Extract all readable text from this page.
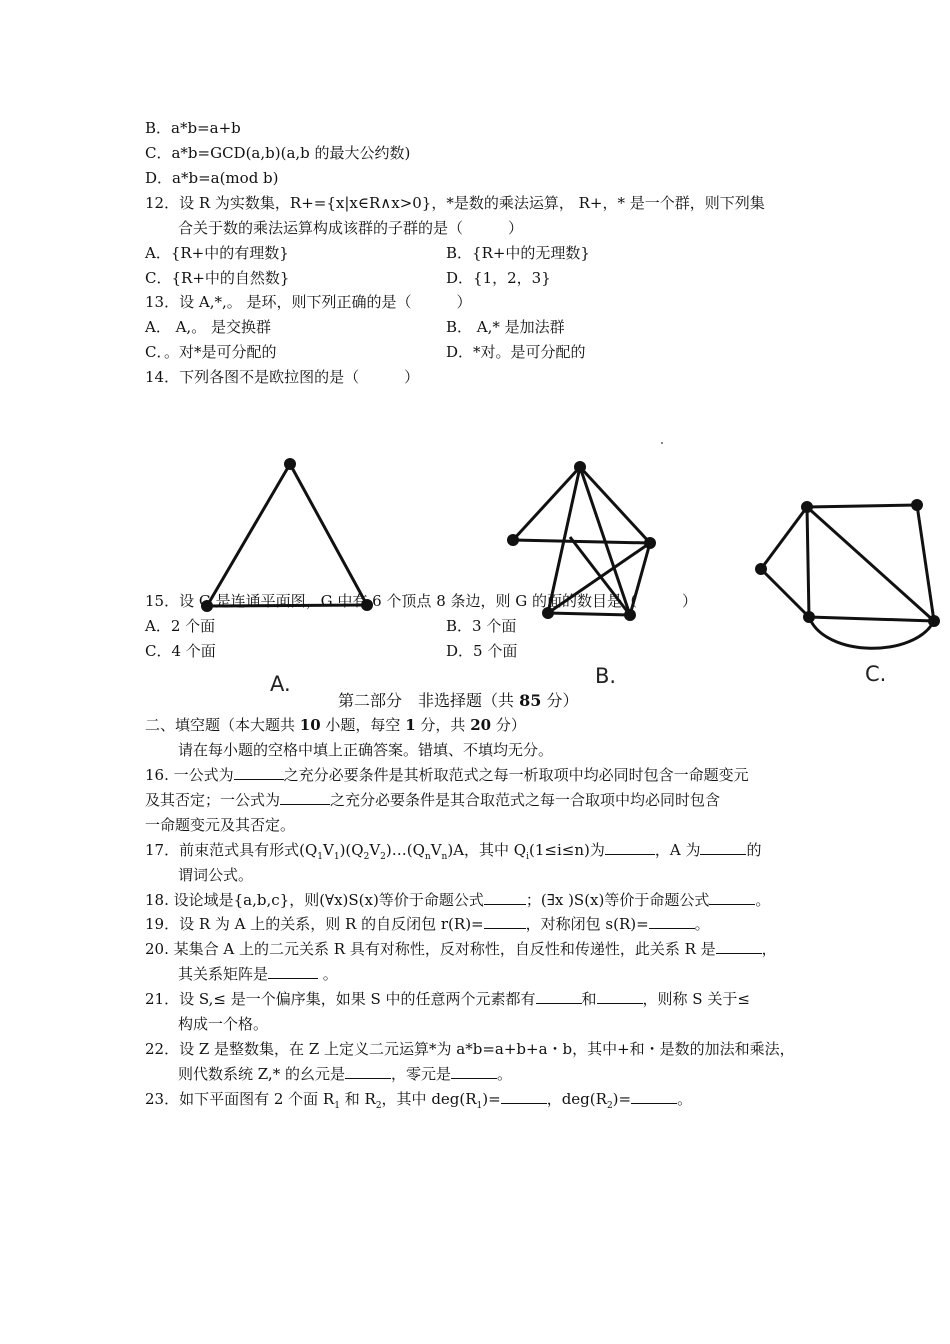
B．a*b=a+b
C．a*b=GCD(a,b)(a,b 的最大公约数)
D．a*b=a(mod b)
12．设 R 为实数集，R+={x|x∈R∧x>0}，*是数的乘法运算， R+，* 是一个群，则下列集
合关于数的乘法运算构成该群的子群的是（　　　）
A．{R+中的有理数}	B．{R+中的无理数}
C．{R+中的自然数}	D．{1，2，3}
13．设 A,*,。 是环，则下列正确的是（　　　）
A． A,。 是交换群	B． A,* 是加法群
C．。对*是可分配的	D．*对。是可分配的
14．下列各图不是欧拉图的是（　　　）
A.	B.	C.
15．设 G 是连通平面图，G 中有 6 个顶点 8 条边，则 G 的面的数目是（　　　）
A．2 个面	B．3 个面
C．4 个面	D．5 个面
第二部分　非选择题（共 85 分）
二、填空题（本大题共 10 小题，每空 1 分，共 20 分）
请在每小题的空格中填上正确答案。错填、不填均无分。
16. 一公式为	之充分必要条件是其析取范式之每一析取项中均必同时包含一命题变元
及其否定；一公式为	之充分必要条件是其合取范式之每一合取项中均必同时包含
一命题变元及其否定。
17．前束范式具有形式$(Q_1V_1)(Q_2V_2)\dots(Q_nV_n)A$，其中 $Q_i(1\le i\le n)$为	，A 为	的
谓词公式。
18. 设论域是{a,b,c}，则(∀x)S(x)等价于命题公式	；(∃x )S(x)等价于命题公式	。
19．设 R 为 A 上的关系，则 R 的自反闭包 r(R)=	，对称闭包 s(R)=	。
20. 某集合 A 上的二元关系 R 具有对称性，反对称性，自反性和传递性，此关系 R 是	，
其关系矩阵是	。
21．设 S,≤ 是一个偏序集，如果 S 中的任意两个元素都有	和	，则称 S 关于≤
构成一个格。
22．设 Z 是整数集，在 Z 上定义二元运算*为 a*b=a+b+a・b，其中+和・是数的加法和乘法，
则代数系统 Z,* 的幺元是	，零元是	。
23．如下平面图有 2 个面 $R_1$ 和 $R_2$，其中 $deg(R_1)=$	，$deg(R_2)=$	。
